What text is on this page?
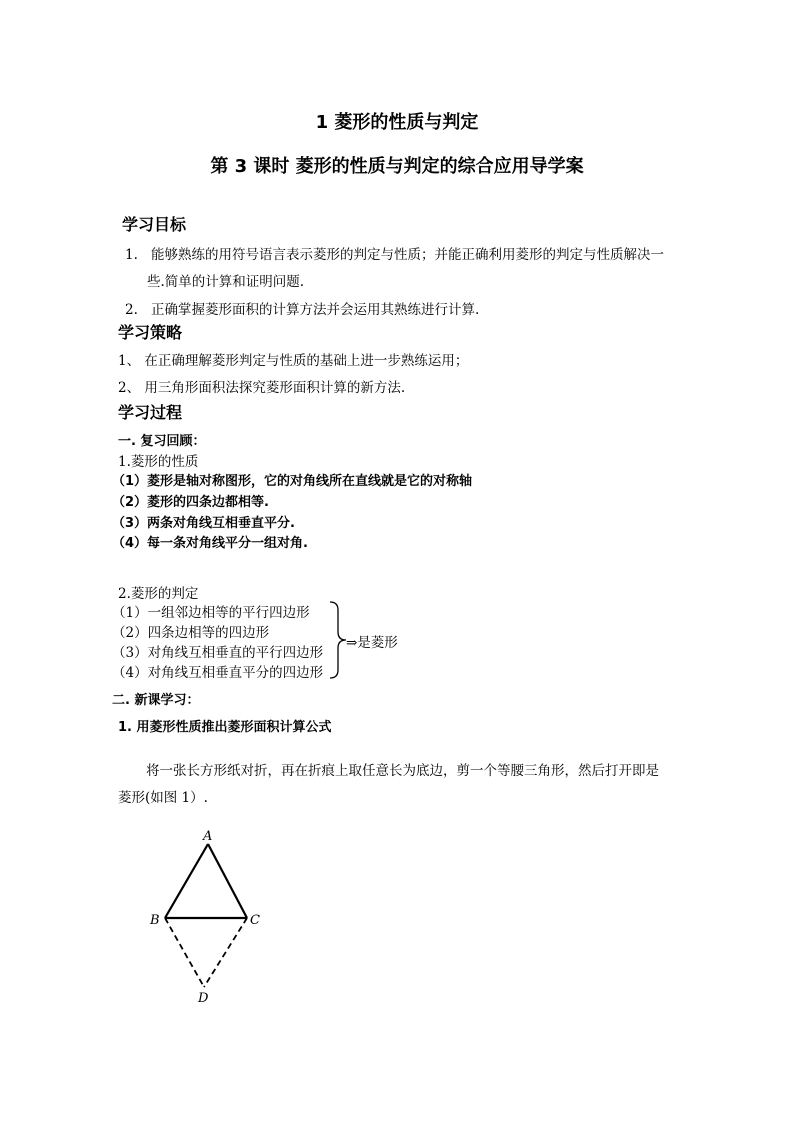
1 菱形的性质与判定
第 3 课时 菱形的性质与判定的综合应用导学案
学习目标
1. 能够熟练的用符号语言表示菱形的判定与性质；并能正确利用菱形的判定与性质解决一
些.简单的计算和证明问题.
2. 正确掌握菱形面积的计算方法并会运用其熟练进行计算.
学习策略
1、 在正确理解菱形判定与性质的基础上进一步熟练运用；
2、 用三角形面积法探究菱形面积计算的新方法.
学习过程
一. 复习回顾：
1.菱形的性质
（1）菱形是轴对称图形，它的对角线所在直线就是它的对称轴
（2）菱形的四条边都相等.
（3）两条对角线互相垂直平分.
（4）每一条对角线平分一组对角.
2.菱形的判定
（1）一组邻边相等的平行四边形
（2）四条边相等的四边形
（3）对角线互相垂直的平行四边形
（4）对角线互相垂直平分的四边形
⇒是菱形
二. 新课学习：
1. 用菱形性质推出菱形面积计算公式
将一张长方形纸对折，再在折痕上取任意长为底边，剪一个等腰三角形，然后打开即是
菱形(如图 1）.
A
B	C
D
